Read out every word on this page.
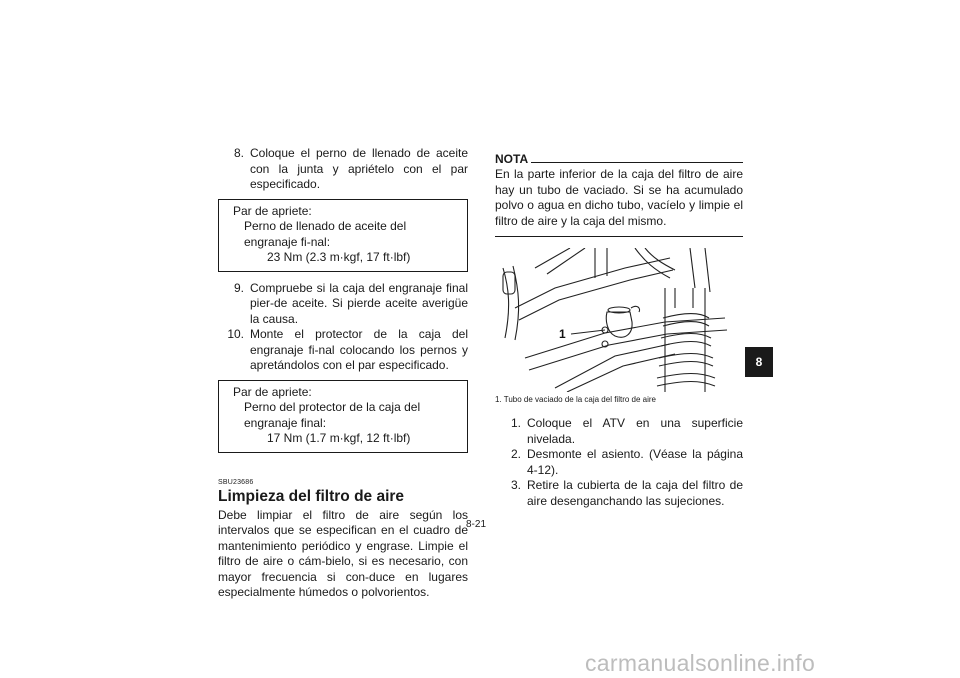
8. Coloque el perno de llenado de aceite con la junta y apriételo con el par especificado.
Par de apriete:
Perno de llenado de aceite del engranaje fi-nal:
23 Nm (2.3 m·kgf, 17 ft·lbf)
9. Compruebe si la caja del engranaje final pier-de aceite. Si pierde aceite averigüe la causa.
10. Monte el protector de la caja del engranaje fi-nal colocando los pernos y apretándolos con el par especificado.
Par de apriete:
Perno del protector de la caja del engranaje final:
17 Nm (1.7 m·kgf, 12 ft·lbf)
SBU23686
Limpieza del filtro de aire
Debe limpiar el filtro de aire según los intervalos que se especifican en el cuadro de mantenimiento periódico y engrase. Limpie el filtro de aire o cám-bielo, si es necesario, con mayor frecuencia si con-duce en lugares especialmente húmedos o polvorientos.
NOTA
En la parte inferior de la caja del filtro de aire hay un tubo de vaciado. Si se ha acumulado polvo o agua en dicho tubo, vacíelo y limpie el filtro de aire y la caja del mismo.
1
1. Tubo de vaciado de la caja del filtro de aire
1. Coloque el ATV en una superficie nivelada.
2. Desmonte el asiento. (Véase la página 4-12).
3. Retire la cubierta de la caja del filtro de aire desenganchando las sujeciones.
8
8-21
carmanualsonline.info
